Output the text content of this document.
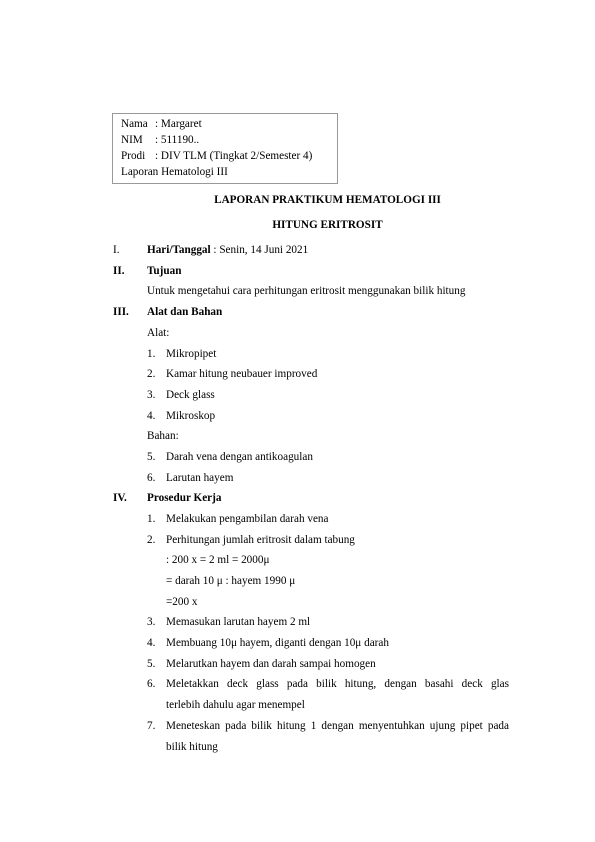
Nama : Margaret
NIM : 511190..
Prodi : DIV TLM (Tingkat 2/Semester 4)
Laporan Hematologi III
LAPORAN PRAKTIKUM HEMATOLOGI III
HITUNG ERITROSIT
I. Hari/Tanggal : Senin, 14 Juni 2021
II. Tujuan
Untuk mengetahui cara perhitungan eritrosit menggunakan bilik hitung
III. Alat dan Bahan
Alat:
1. Mikropipet
2. Kamar hitung neubauer improved
3. Deck glass
4. Mikroskop
Bahan:
5. Darah vena dengan antikoagulan
6. Larutan hayem
IV. Prosedur Kerja
1. Melakukan pengambilan darah vena
2. Perhitungan jumlah eritrosit dalam tabung
: 200 x = 2 ml = 2000μ
= darah 10 μ : hayem 1990 μ
=200 x
3. Memasukan larutan hayem 2 ml
4. Membuang 10μ hayem, diganti dengan 10μ darah
5. Melarutkan hayem dan darah sampai homogen
6. Meletakkan deck glass pada bilik hitung, dengan basahi deck glas
terlebih dahulu agar menempel
7. Meneteskan pada bilik hitung 1 dengan menyentuhkan ujung pipet pada
bilik hitung
